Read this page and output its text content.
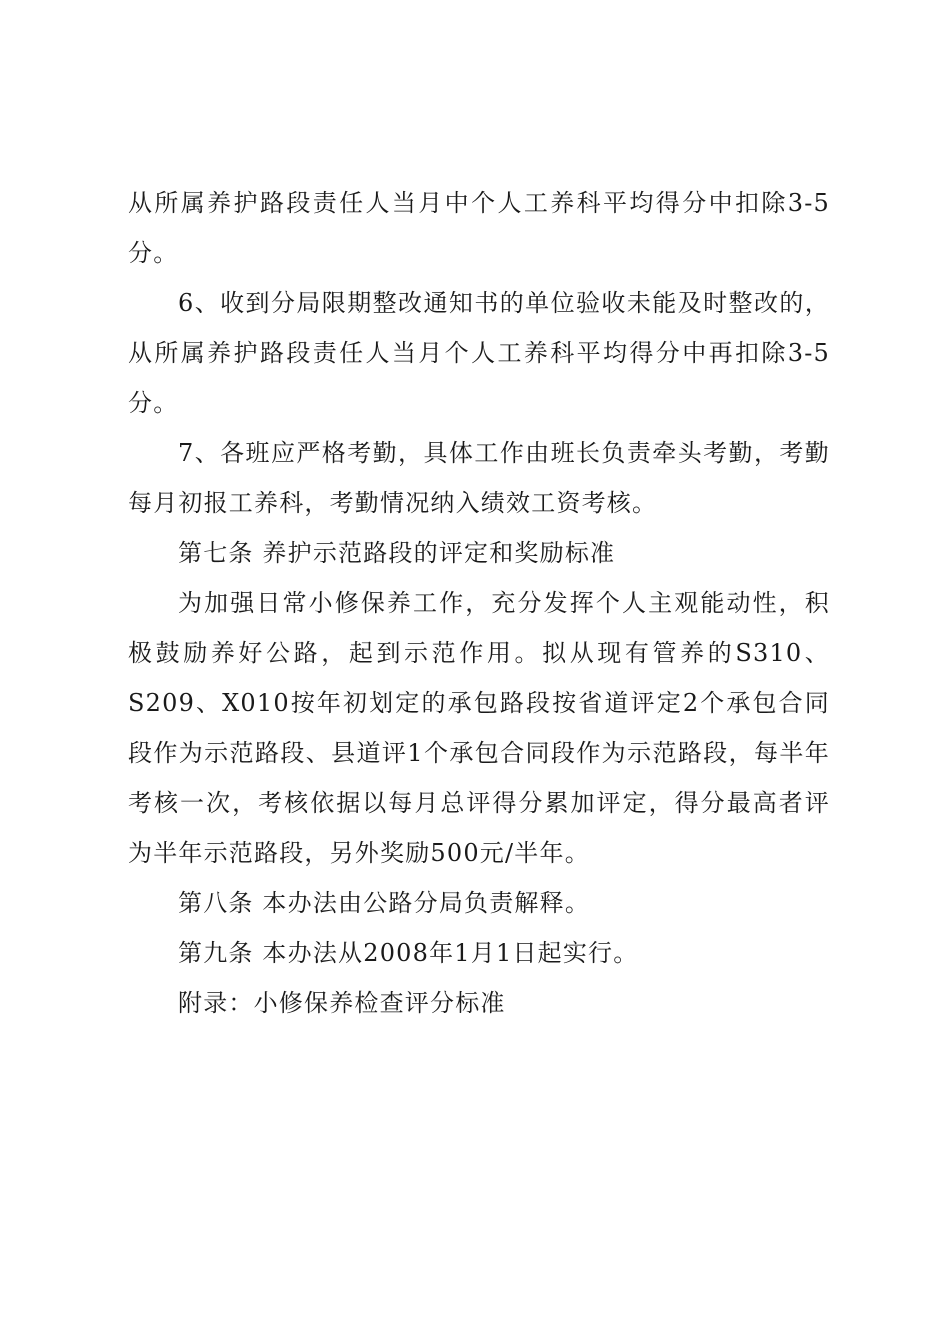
从所属养护路段责任人当月中个人工养科平均得分中扣除3-5分。

6、收到分局限期整改通知书的单位验收未能及时整改的，从所属养护路段责任人当月个人工养科平均得分中再扣除3-5分。

7、各班应严格考勤，具体工作由班长负责牵头考勤，考勤每月初报工养科，考勤情况纳入绩效工资考核。

第七条 养护示范路段的评定和奖励标准

为加强日常小修保养工作，充分发挥个人主观能动性，积极鼓励养好公路，起到示范作用。拟从现有管养的S310、S209、X010按年初划定的承包路段按省道评定2个承包合同段作为示范路段、县道评1个承包合同段作为示范路段，每半年考核一次，考核依据以每月总评得分累加评定，得分最高者评为半年示范路段，另外奖励500元/半年。

第八条 本办法由公路分局负责解释。

第九条 本办法从2008年1月1日起实行。

附录：小修保养检查评分标准
